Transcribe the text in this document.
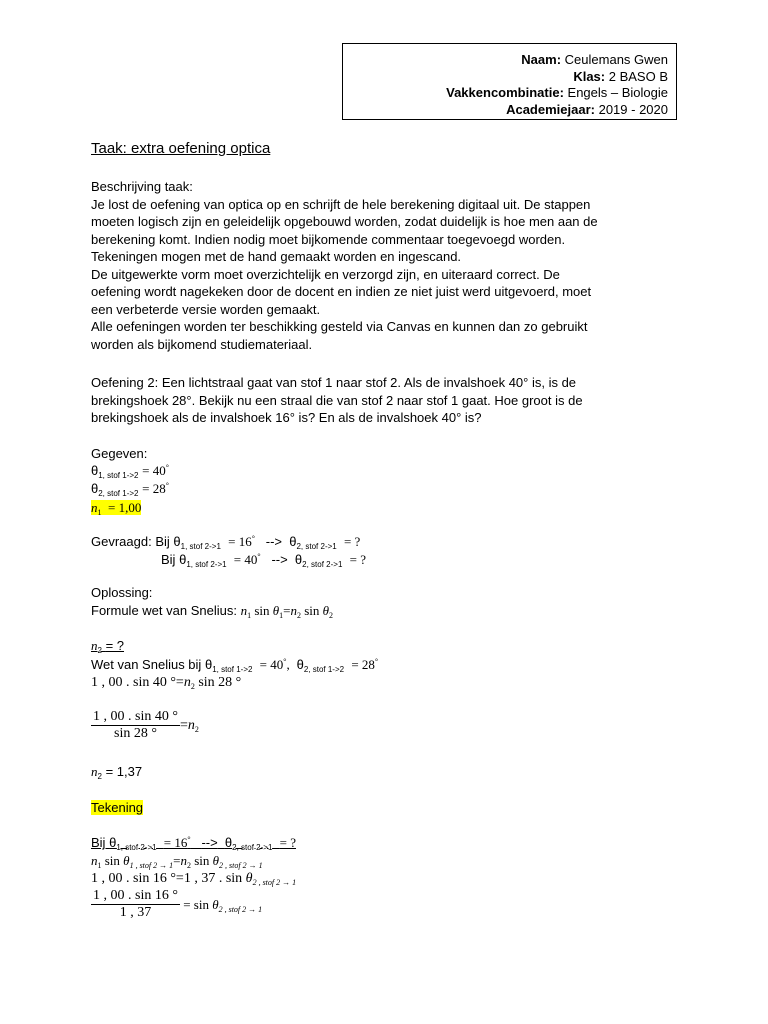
Naam: Ceulemans Gwen
Klas: 2 BASO B
Vakkencombinatie: Engels – Biologie
Academiejaar: 2019 - 2020
Taak: extra oefening optica
Beschrijving taak:
Je lost de oefening van optica op en schrijft de hele berekening digitaal uit. De stappen
moeten logisch zijn en geleidelijk opgebouwd worden, zodat duidelijk is hoe men aan de
berekening komt. Indien nodig moet bijkomende commentaar toegevoegd worden.
Tekeningen mogen met de hand gemaakt worden en ingescand.
De uitgewerkte vorm moet overzichtelijk en verzorgd zijn, en uiteraard correct. De
oefening wordt nagekeken door de docent en indien ze niet juist werd uitgevoerd, moet
een verbeterde versie worden gemaakt.
Alle oefeningen worden ter beschikking gesteld via Canvas en kunnen dan zo gebruikt
worden als bijkomend studiemateriaal.
Oefening 2: Een lichtstraal gaat van stof 1 naar stof 2. Als de invalshoek 40° is, is de
brekingshoek 28°. Bekijk nu een straal die van stof 2 naar stof 1 gaat. Hoe groot is de
brekingshoek als de invalshoek 16° is? En als de invalshoek 40° is?
Gegeven:
$\theta_{1, stof 1->2} = 40^\circ$
$\theta_{2, stof 1->2} = 28^\circ$
$n_1 = 1,00$
Gevraagd: Bij $\theta_{1, stof 2->1} = 16^\circ$ --> $\theta_{2, stof 2->1}$ = ?
Bij $\theta_{1, stof 2->1} = 40^\circ$ --> $\theta_{2, stof 2->1}$ = ?
Oplossing:
Formule wet van Snelius: $n_1$ $\sin \theta_1=n_2$ $\sin \theta_2$
$n_2$ = ?
Wet van Snelius bij $\theta_{1, stof 1->2} = 40^\circ$,  $\theta_{2, stof 1->2} = 28^\circ$
1 , 00 . sin 40 $^\circ=n_2$ sin 28 °
$\frac{1 , 00 . \sin 40 ^\circ}{\sin 28 ^\circ} =n_2$
$n_2 = 1,37$
Tekening
Bij $\theta_{1, stof 2->1} = 16^\circ$ --> $\theta_{2, stof 2->1}$ = ?
$n_1$ $\sin \theta_{1 , stof 2 \to 1}=n_2$ $\sin \theta_{2 , stof 2 \to 1}$
1 , 00 . sin 16 °=1 , 37 . $\sin \theta_{2 , stof 2 \to 1}$
$\frac{1 , 00 . \sin 16 ^\circ}{1 , 37} = \sin \theta_{2 , stof 2 \to 1}$
